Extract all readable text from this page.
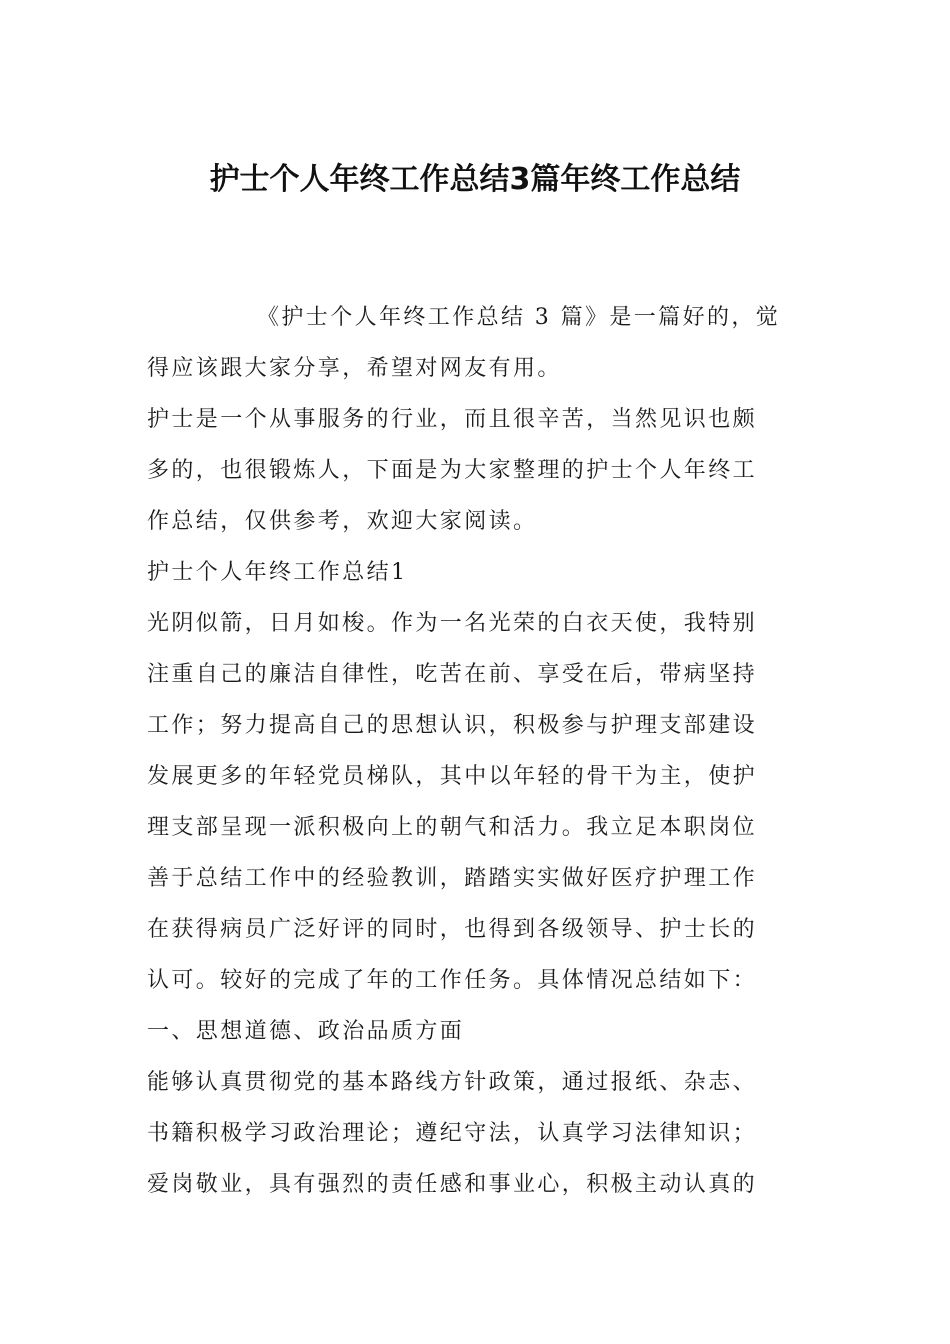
护士个人年终工作总结3篇年终工作总结

《护士个人年终工作总结 3 篇》是一篇好的，觉

得应该跟大家分享，希望对网友有用。

护士是一个从事服务的行业，而且很辛苦，当然见识也颇

多的，也很锻炼人，下面是为大家整理的护士个人年终工

作总结，仅供参考，欢迎大家阅读。

护士个人年终工作总结1

光阴似箭，日月如梭。作为一名光荣的白衣天使，我特别

注重自己的廉洁自律性，吃苦在前、享受在后，带病坚持

工作；努力提高自己的思想认识，积极参与护理支部建设

发展更多的年轻党员梯队，其中以年轻的骨干为主，使护

理支部呈现一派积极向上的朝气和活力。我立足本职岗位

善于总结工作中的经验教训，踏踏实实做好医疗护理工作

在获得病员广泛好评的同时，也得到各级领导、护士长的

认可。较好的完成了年的工作任务。具体情况总结如下：

一、思想道德、政治品质方面

能够认真贯彻党的基本路线方针政策，通过报纸、杂志、

书籍积极学习政治理论；遵纪守法，认真学习法律知识；

爱岗敬业，具有强烈的责任感和事业心，积极主动认真的
